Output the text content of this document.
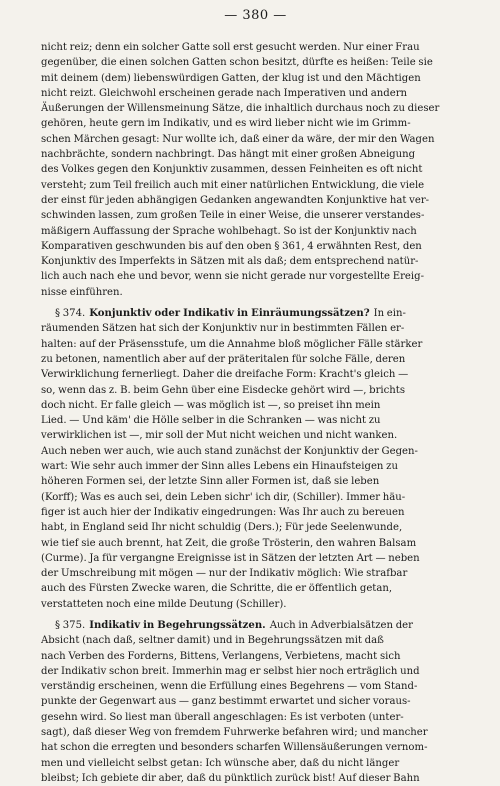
— 380 —

nicht reiz; denn ein solcher Gatte soll erst gesucht werden. Nur einer Frau
gegenüber, die einen solchen Gatten schon besitzt, dürfte es heißen: Teile sie
mit deinem (dem) liebenswürdigen Gatten, der klug ist und den Mächtigen
nicht reizt. Gleichwohl erscheinen gerade nach Imperativen und andern
Äußerungen der Willensmeinung Sätze, die inhaltlich durchaus noch zu dieser
gehören, heute gern im Indikativ, und es wird lieber nicht wie im Grimm-
schen Märchen gesagt: Nur wollte ich, daß einer da wäre, der mir den Wagen
nachbrächte, sondern nachbringt. Das hängt mit einer großen Abneigung
des Volkes gegen den Konjunktiv zusammen, dessen Feinheiten es oft nicht
versteht; zum Teil freilich auch mit einer natürlichen Entwicklung, die viele
der einst für jeden abhängigen Gedanken angewandten Konjunktive hat ver-
schwinden lassen, zum großen Teile in einer Weise, die unserer verstandes-
mäßigern Auffassung der Sprache wohlbehagt. So ist der Konjunktiv nach
Komparativen geschwunden bis auf den oben § 361, 4 erwähnten Rest, den
Konjunktiv des Imperfekts in Sätzen mit als daß; dem entsprechend natür-
lich auch nach ehe und bevor, wenn sie nicht gerade nur vorgestellte Ereig-
nisse einführen.

§ 374. Konjunktiv oder Indikativ in Einräumungssätzen? In ein-
räumenden Sätzen hat sich der Konjunktiv nur in bestimmten Fällen er-
halten: auf der Präsensstufe, um die Annahme bloß möglicher Fälle stärker
zu betonen, namentlich aber auf der präteritalen für solche Fälle, deren
Verwirklichung fernerliegt. Daher die dreifache Form: Kracht's gleich —
so, wenn das z. B. beim Gehn über eine Eisdecke gehört wird —, brichts
doch nicht. Er falle gleich — was möglich ist —, so preiset ihn mein
Lied. — Und käm' die Hölle selber in die Schranken — was nicht zu
verwirklichen ist —, mir soll der Mut nicht weichen und nicht wanken.
Auch neben wer auch, wie auch stand zunächst der Konjunktiv der Gegen-
wart: Wie sehr auch immer der Sinn alles Lebens ein Hinaufsteigen zu
höheren Formen sei, der letzte Sinn aller Formen ist, daß sie leben
(Korff); Was es auch sei, dein Leben sichr' ich dir, (Schiller). Immer häu-
figer ist auch hier der Indikativ eingedrungen: Was Ihr auch zu bereuen
habt, in England seid Ihr nicht schuldig (Ders.); Für jede Seelenwunde,
wie tief sie auch brennt, hat Zeit, die große Trösterin, den wahren Balsam
(Curme). Ja für vergangne Ereignisse ist in Sätzen der letzten Art — neben
der Umschreibung mit mögen — nur der Indikativ möglich: Wie strafbar
auch des Fürsten Zwecke waren, die Schritte, die er öffentlich getan,
verstatteten noch eine milde Deutung (Schiller).

§ 375. Indikativ in Begehrungssätzen. Auch in Adverbialsätzen der
Absicht (nach daß, seltner damit) und in Begehrungssätzen mit daß
nach Verben des Forderns, Bittens, Verlangens, Verbietens, macht sich
der Indikativ schon breit. Immerhin mag er selbst hier noch erträglich und
verständig erscheinen, wenn die Erfüllung eines Begehrens — vom Stand-
punkte der Gegenwart aus — ganz bestimmt erwartet und sicher voraus-
gesehn wird. So liest man überall angeschlagen: Es ist verboten (unter-
sagt), daß dieser Weg von fremdem Fuhrwerke befahren wird; und mancher
hat schon die erregten und besonders scharfen Willensäußerungen vernom-
men und vielleicht selbst getan: Ich wünsche aber, daß du nicht länger
bleibst; Ich gebiete dir aber, daß du pünktlich zurück bist! Auf dieser Bahn
